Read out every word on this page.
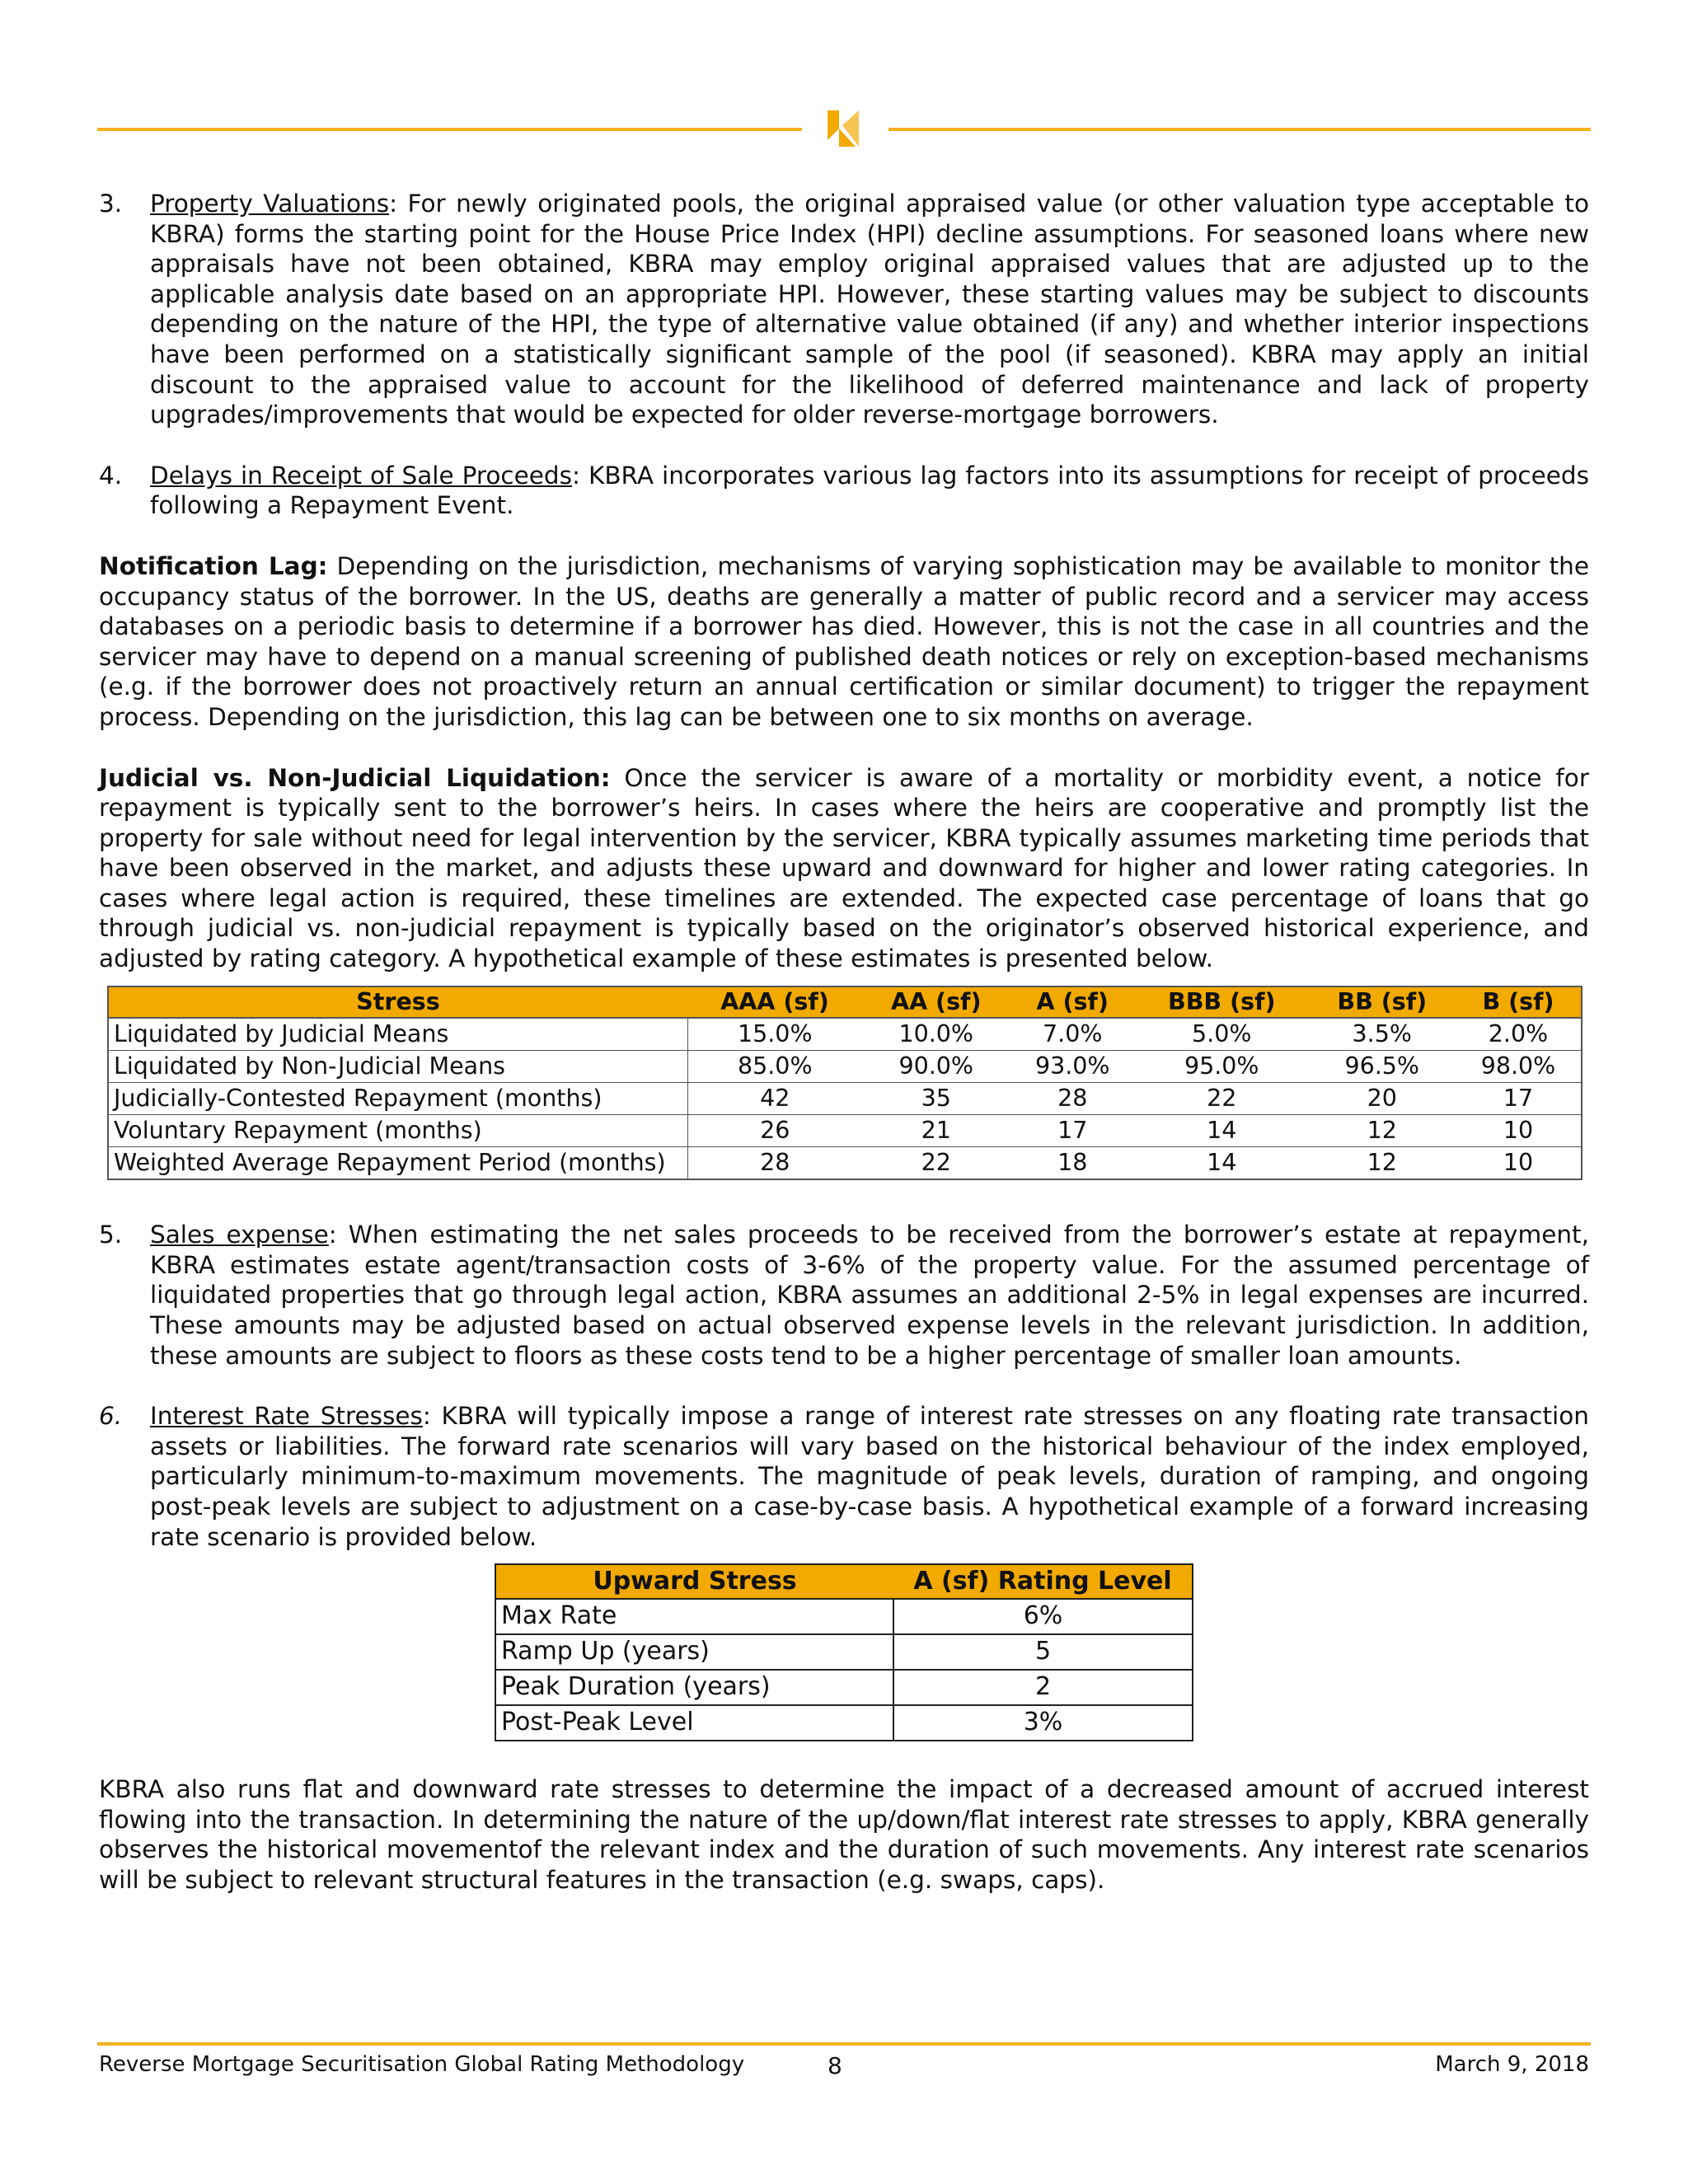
3. Property Valuations: For newly originated pools, the original appraised value (or other valuation type acceptable to KBRA) forms the starting point for the House Price Index (HPI) decline assumptions. For seasoned loans where new appraisals have not been obtained, KBRA may employ original appraised values that are adjusted up to the applicable analysis date based on an appropriate HPI. However, these starting values may be subject to discounts depending on the nature of the HPI, the type of alternative value obtained (if any) and whether interior inspections have been performed on a statistically significant sample of the pool (if seasoned). KBRA may apply an initial discount to the appraised value to account for the likelihood of deferred maintenance and lack of property upgrades/improvements that would be expected for older reverse-mortgage borrowers.

4. Delays in Receipt of Sale Proceeds: KBRA incorporates various lag factors into its assumptions for receipt of proceeds following a Repayment Event.

Notification Lag: Depending on the jurisdiction, mechanisms of varying sophistication may be available to monitor the occupancy status of the borrower. In the US, deaths are generally a matter of public record and a servicer may access databases on a periodic basis to determine if a borrower has died. However, this is not the case in all countries and the servicer may have to depend on a manual screening of published death notices or rely on exception-based mechanisms (e.g. if the borrower does not proactively return an annual certification or similar document) to trigger the repayment process. Depending on the jurisdiction, this lag can be between one to six months on average.

Judicial vs. Non-Judicial Liquidation: Once the servicer is aware of a mortality or morbidity event, a notice for repayment is typically sent to the borrower’s heirs. In cases where the heirs are cooperative and promptly list the property for sale without need for legal intervention by the servicer, KBRA typically assumes marketing time periods that have been observed in the market, and adjusts these upward and downward for higher and lower rating categories. In cases where legal action is required, these timelines are extended. The expected case percentage of loans that go through judicial vs. non-judicial repayment is typically based on the originator’s observed historical experience, and adjusted by rating category. A hypothetical example of these estimates is presented below.

Stress	AAA (sf)	AA (sf)	A (sf)	BBB (sf)	BB (sf)	B (sf)
Liquidated by Judicial Means	15.0%	10.0%	7.0%	5.0%	3.5%	2.0%
Liquidated by Non-Judicial Means	85.0%	90.0%	93.0%	95.0%	96.5%	98.0%
Judicially-Contested Repayment (months)	42	35	28	22	20	17
Voluntary Repayment (months)	26	21	17	14	12	10
Weighted Average Repayment Period (months)	28	22	18	14	12	10

5. Sales expense: When estimating the net sales proceeds to be received from the borrower’s estate at repayment, KBRA estimates estate agent/transaction costs of 3-6% of the property value. For the assumed percentage of liquidated properties that go through legal action, KBRA assumes an additional 2-5% in legal expenses are incurred. These amounts may be adjusted based on actual observed expense levels in the relevant jurisdiction. In addition, these amounts are subject to floors as these costs tend to be a higher percentage of smaller loan amounts.

6. Interest Rate Stresses: KBRA will typically impose a range of interest rate stresses on any floating rate transaction assets or liabilities. The forward rate scenarios will vary based on the historical behaviour of the index employed, particularly minimum-to-maximum movements. The magnitude of peak levels, duration of ramping, and ongoing post-peak levels are subject to adjustment on a case-by-case basis. A hypothetical example of a forward increasing rate scenario is provided below.

Upward Stress	A (sf) Rating Level
Max Rate	6%
Ramp Up (years)	5
Peak Duration (years)	2
Post-Peak Level	3%

KBRA also runs flat and downward rate stresses to determine the impact of a decreased amount of accrued interest flowing into the transaction. In determining the nature of the up/down/flat interest rate stresses to apply, KBRA generally observes the historical movementof the relevant index and the duration of such movements. Any interest rate scenarios will be subject to relevant structural features in the transaction (e.g. swaps, caps).

Reverse Mortgage Securitisation Global Rating Methodology	8	March 9, 2018
